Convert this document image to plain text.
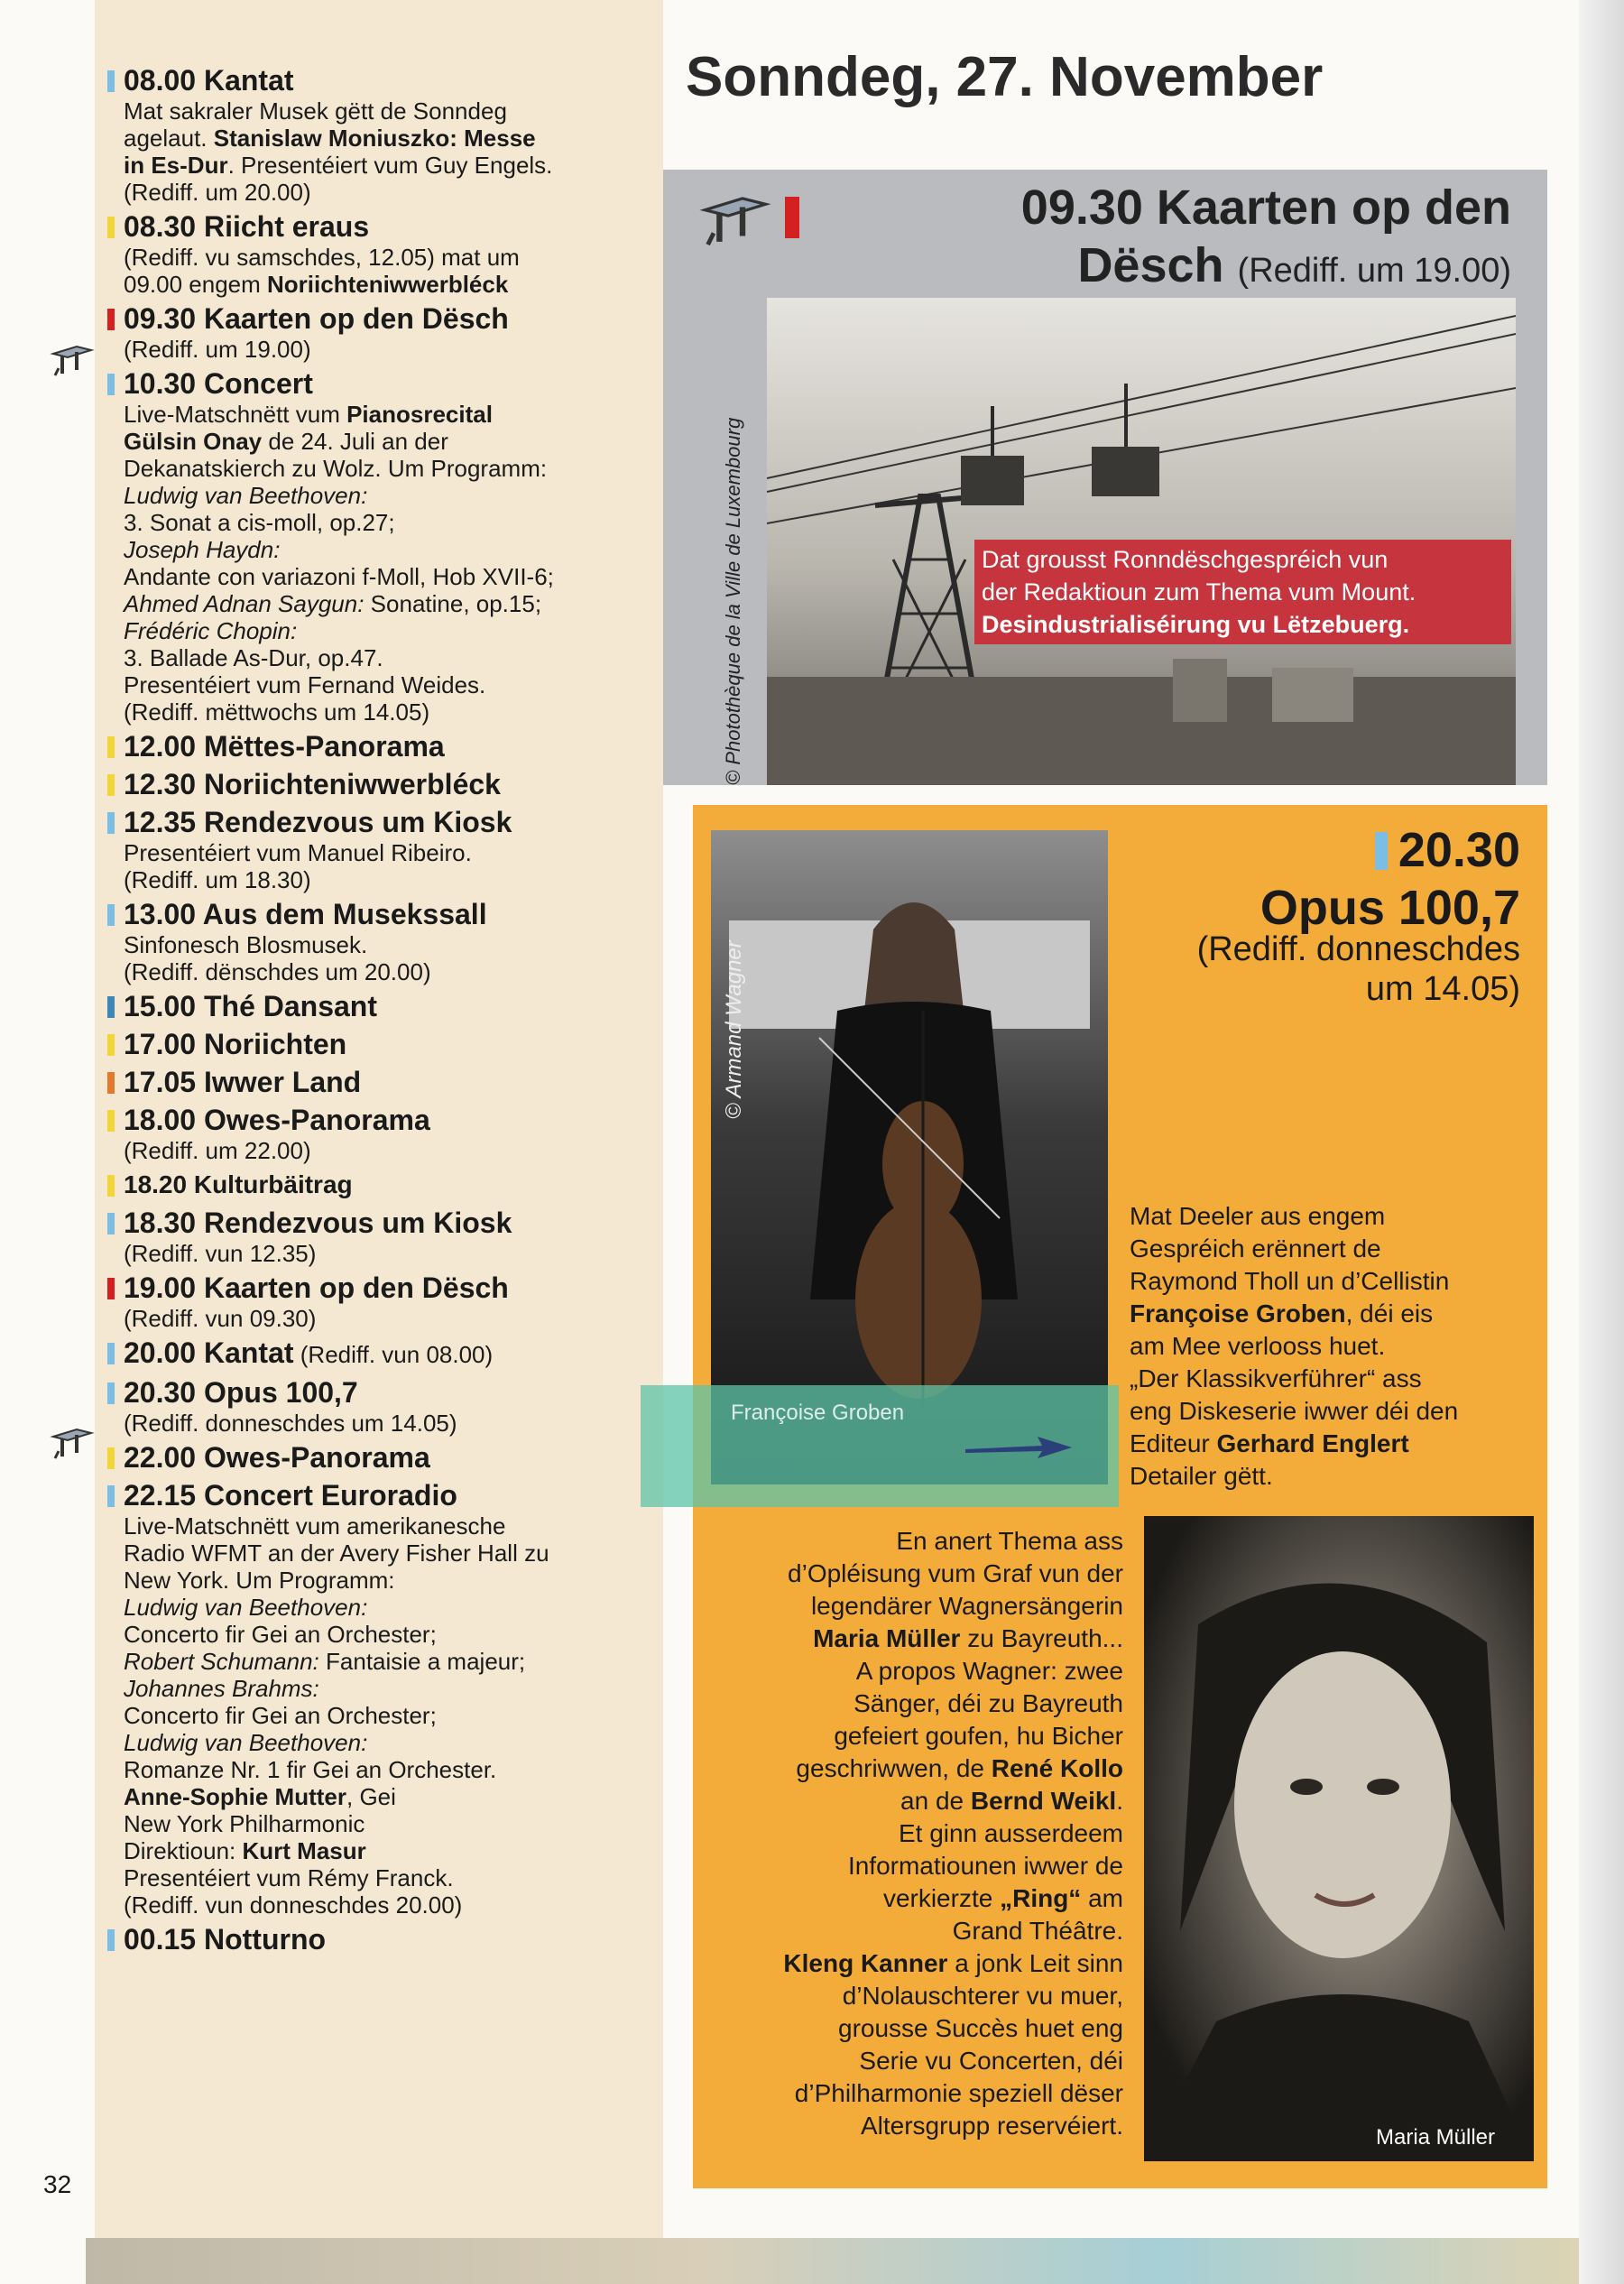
08.00 Kantat
Mat sakraler Musek gëtt de Sonndeg
agelaut. Stanislaw Moniuszko: Messe
in Es-Dur. Presentéiert vum Guy Engels.
(Rediff. um 20.00)
08.30 Riicht eraus
(Rediff. vu samschdes, 12.05) mat um
09.00 engem Noriichteniwwerbléck
09.30 Kaarten op den Dësch
(Rediff. um 19.00)
10.30 Concert
Live-Matschnëtt vum Pianosrecital
Gülsin Onay de 24. Juli an der
Dekanatskierch zu Wolz. Um Programm:
Ludwig van Beethoven:
3. Sonat a cis-moll, op.27;
Joseph Haydn:
Andante con variazoni f-Moll, Hob XVII-6;
Ahmed Adnan Saygun: Sonatine, op.15;
Frédéric Chopin:
3. Ballade As-Dur, op.47.
Presentéiert vum Fernand Weides.
(Rediff. mëttwochs um 14.05)
12.00 Mëttes-Panorama
12.30 Noriichteniwwerbléck
12.35 Rendezvous um Kiosk
Presentéiert vum Manuel Ribeiro.
(Rediff. um 18.30)
13.00 Aus dem Musekssall
Sinfonesch Blosmusek.
(Rediff. dënschdes um 20.00)
15.00 Thé Dansant
17.00 Noriichten
17.05 Iwwer Land
18.00 Owes-Panorama
(Rediff. um 22.00)
18.20 Kulturbäitrag
18.30 Rendezvous um Kiosk
(Rediff. vun 12.35)
19.00 Kaarten op den Dësch
(Rediff. vun 09.30)
20.00 Kantat (Rediff. vun 08.00)
20.30 Opus 100,7
(Rediff. donneschdes um 14.05)
22.00 Owes-Panorama
22.15 Concert Euroradio
Live-Matschnëtt vum amerikanesche
Radio WFMT an der Avery Fisher Hall zu
New York. Um Programm:
Ludwig van Beethoven:
Concerto fir Gei an Orchester;
Robert Schumann: Fantaisie a majeur;
Johannes Brahms:
Concerto fir Gei an Orchester;
Ludwig van Beethoven:
Romanze Nr. 1 fir Gei an Orchester.
Anne-Sophie Mutter, Gei
New York Philharmonic
Direktioun: Kurt Masur
Presentéiert vum Rémy Franck.
(Rediff. vun donneschdes 20.00)
00.15 Notturno
32
Sonndeg, 27. November
09.30 Kaarten op den
Dësch (Rediff. um 19.00)
© Photothèque de la Ville de Luxembourg	Dat grousst Ronndëschgespréich vun
der Redaktioun zum Thema vum Mount.
Desindustrialiséirung vu Lëtzebuerg.
© Armand Wagner
Françoise Groben
20.30
Opus 100,7
(Rediff. donneschdes
um 14.05)
Mat Deeler aus engem
Gespréich erënnert de
Raymond Tholl un d’Cellistin
Françoise Groben, déi eis
am Mee verlooss huet.
„Der Klassikverführer“ ass
eng Diskeserie iwwer déi den
Editeur Gerhard Englert
Detailer gëtt.
En anert Thema ass
d’Opléisung vum Graf vun der
legendärer Wagnersängerin
Maria Müller zu Bayreuth...
A propos Wagner: zwee
Sänger, déi zu Bayreuth
gefeiert goufen, hu Bicher
geschriwwen, de René Kollo
an de Bernd Weikl.
Et ginn ausserdeem
Informatiounen iwwer de
verkierzte „Ring“ am
Grand Théâtre.
Kleng Kanner a jonk Leit sinn
d’Nolauschterer vu muer,
grousse Succès huet eng
Serie vu Concerten, déi
d’Philharmonie speziell dëser
Altersgrupp reservéiert.	Maria Müller
